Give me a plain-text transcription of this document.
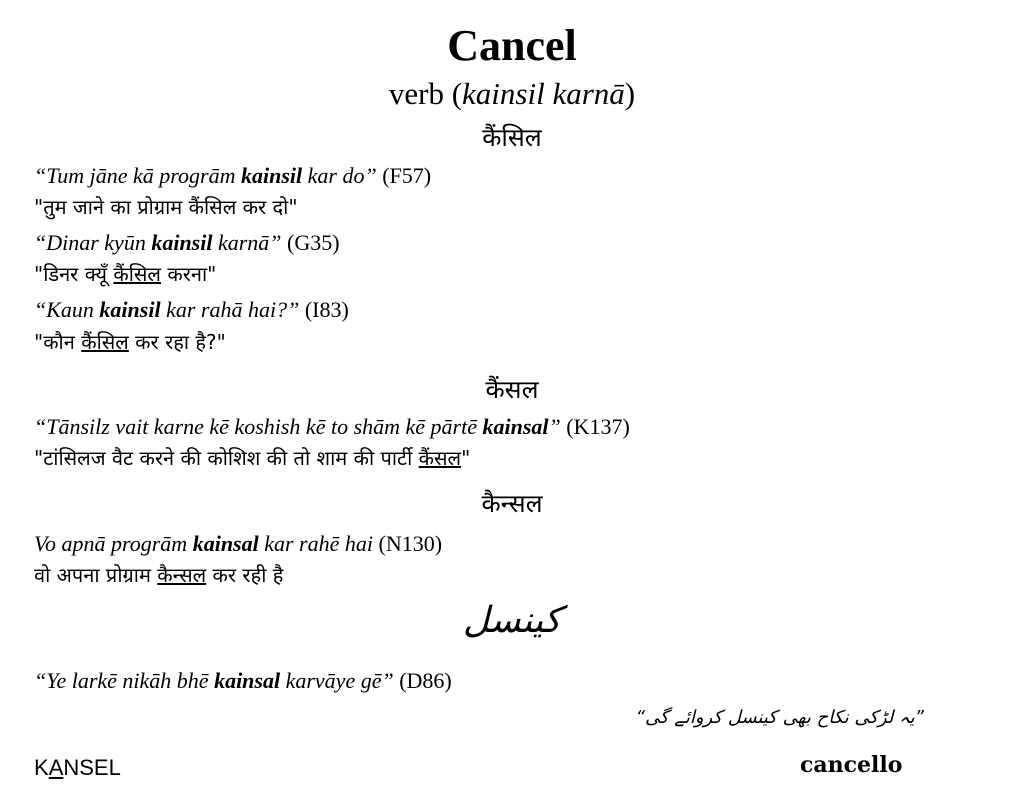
Cancel
verb (kainsil karnā)
कैंसिल
“Tum jāne kā progrām kainsil kar do” (F57)
"तुम जाने का प्रोग्राम कैंसिल कर दो"
“Dinar kyūn kainsil karnā” (G35)
"डिनर क्यूँ कैंसिल करना"
“Kaun kainsil kar rahā hai?” (I83)
"कौन कैंसिल कर रहा है?"
कैंसल
“Tānsilz vait karne kē koshish kē to shām kē pārtē kainsal” (K137)
"टांसिलज वैट करने की कोशिश की तो शाम की पार्टी कैंसल"
कैन्सल
Vo apnā progrām kainsal kar rahē hai (N130)
वो अपना प्रोग्राम कैन्सल कर रही है
کینسل
“Ye larkē nikāh bhē kainsal karvāye gē” (D86)
”یہ لڑکی نکاح بھی کینسل کروائے گی“
KANSEL	cancello
